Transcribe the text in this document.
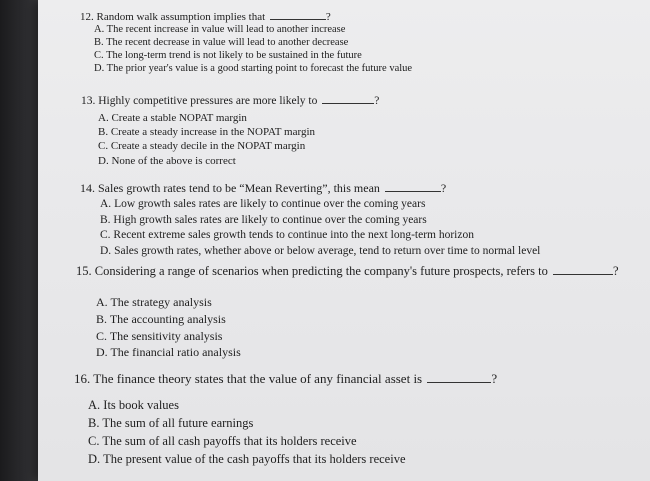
12. Random walk assumption implies that	?
A. The recent increase in value will lead to another increase
B. The recent decrease in value will lead to another decrease
C. The long-term trend is not likely to be sustained in the future
D. The prior year's value is a good starting point to forecast the future value
13. Highly competitive pressures are more likely to	?
A. Create a stable NOPAT margin
B. Create a steady increase in the NOPAT margin
C. Create a steady decile in the NOPAT margin
D. None of the above is correct
14. Sales growth rates tend to be “Mean Reverting”, this mean	?
A. Low growth sales rates are likely to continue over the coming years
B. High growth sales rates are likely to continue over the coming years
C. Recent extreme sales growth tends to continue into the next long-term horizon
D. Sales growth rates, whether above or below average, tend to return over time to normal level
15. Considering a range of scenarios when predicting the company's future prospects, refers to	?
A. The strategy analysis
B. The accounting analysis
C. The sensitivity analysis
D. The financial ratio analysis
16. The finance theory states that the value of any financial asset is	?
A. Its book values
B. The sum of all future earnings
C. The sum of all cash payoffs that its holders receive
D. The present value of the cash payoffs that its holders receive
